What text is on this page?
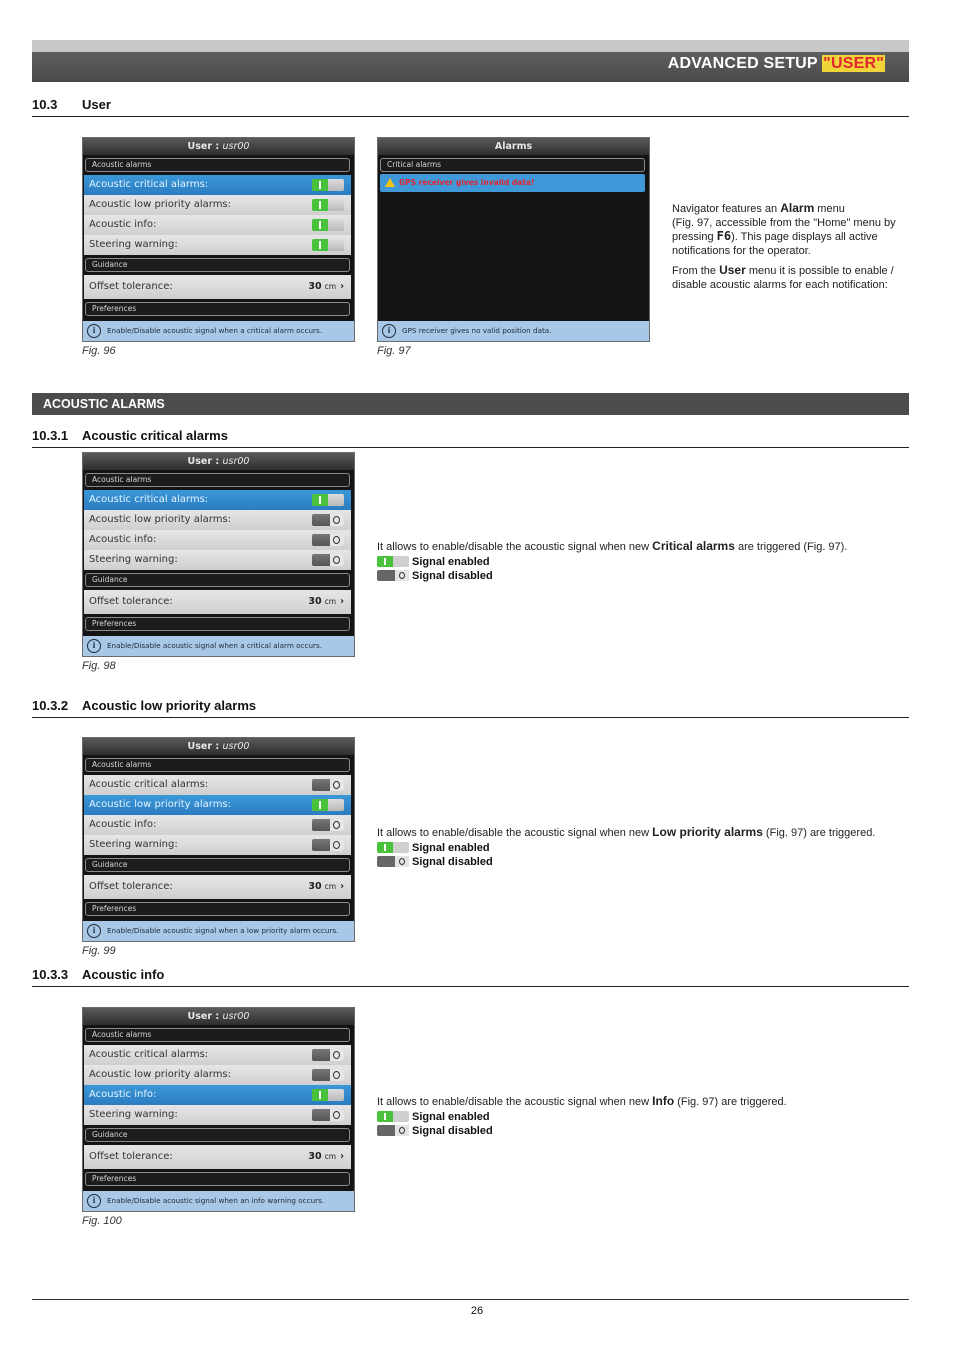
ADVANCED SETUP "USER"
10.3 User
User : usr00
Acoustic alarms
Acoustic critical alarms:
Acoustic low priority alarms:
Acoustic info:
Steering warning:
Guidance
Offset tolerance:	30 cm ›
Preferences
i	Enable/Disable acoustic signal when a critical alarm occurs.
Fig. 96
Alarms
Critical alarms
GPS receiver gives invalid data!
i	GPS receiver gives no valid position data.
Fig. 97
Navigator features an Alarm menu
(Fig. 97, accessible from the "Home" menu by pressing F6). This page displays all active notifications for the operator.
From the User menu it is possible to enable / disable acoustic alarms for each notification:
ACOUSTIC ALARMS
10.3.1 Acoustic critical alarms
User : usr00
Acoustic alarms
Acoustic critical alarms:
Acoustic low priority alarms:
Acoustic info:
Steering warning:
Guidance
Offset tolerance:	30 cm ›
Preferences
i	Enable/Disable acoustic signal when a critical alarm occurs.
Fig. 98
It allows to enable/disable the acoustic signal when new Critical alarms are triggered (Fig. 97).
Signal enabled
Signal disabled
10.3.2 Acoustic low priority alarms
User : usr00
Acoustic alarms
Acoustic critical alarms:
Acoustic low priority alarms:
Acoustic info:
Steering warning:
Guidance
Offset tolerance:	30 cm ›
Preferences
i	Enable/Disable acoustic signal when a low priority alarm occurs.
Fig. 99
It allows to enable/disable the acoustic signal when new Low priority alarms (Fig. 97) are triggered.
Signal enabled
Signal disabled
10.3.3 Acoustic info
User : usr00
Acoustic alarms
Acoustic critical alarms:
Acoustic low priority alarms:
Acoustic info:
Steering warning:
Guidance
Offset tolerance:	30 cm ›
Preferences
i	Enable/Disable acoustic signal when an info warning occurs.
Fig. 100
It allows to enable/disable the acoustic signal when new Info (Fig. 97) are triggered.
Signal enabled
Signal disabled
26
